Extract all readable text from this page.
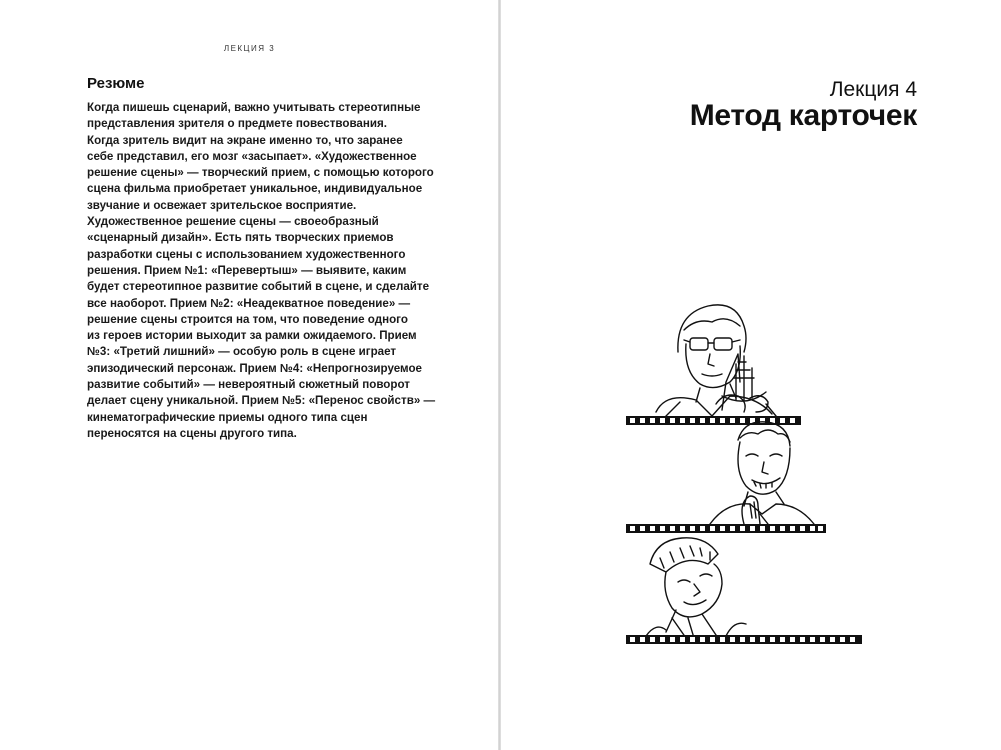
ЛЕКЦИЯ 3
Резюме
Когда пишешь сценарий, важно учитывать стереотипные
представления зрителя о предмете повествования.
Когда зритель видит на экране именно то, что заранее
себе представил, его мозг «засыпает». «Художественное
решение сцены» — творческий прием, с помощью которого
сцена фильма приобретает уникальное, индивидуальное
звучание и освежает зрительское восприятие.
Художественное решение сцены — своеобразный
«сценарный дизайн». Есть пять творческих приемов
разработки сцены с использованием художественного
решения. Прием №1: «Перевертыш» — выявите, каким
будет стереотипное развитие событий в сцене, и сделайте
все наоборот. Прием №2: «Неадекватное поведение» —
решение сцены строится на том, что поведение одного
из героев истории выходит за рамки ожидаемого. Прием
№3: «Третий лишний» — особую роль в сцене играет
эпизодический персонаж. Прием №4: «Непрогнозируемое
развитие событий» — невероятный сюжетный поворот
делает сцену уникальной. Прием №5: «Перенос свойств» —
кинематографические приемы одного типа сцен
переносятся на сцены другого типа.
Лекция 4
Метод карточек
